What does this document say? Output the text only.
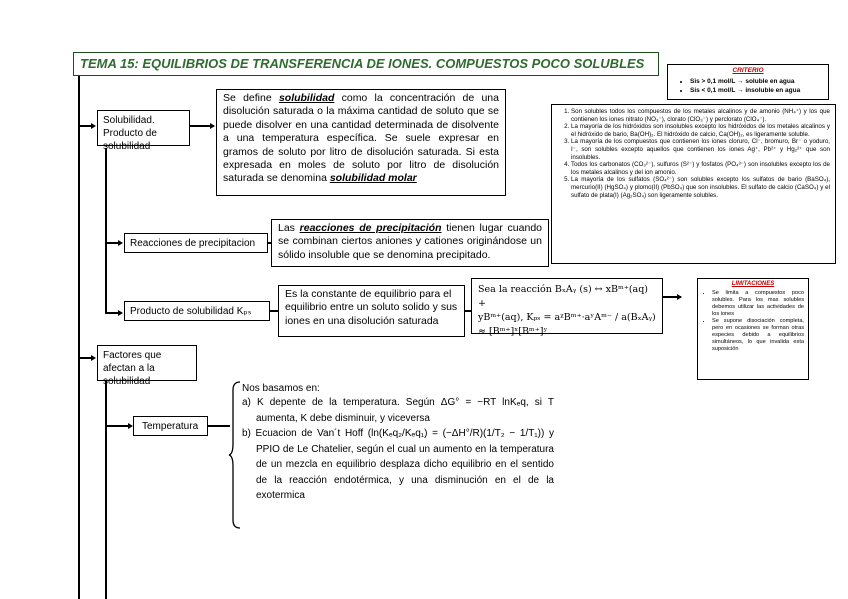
TEMA 15: EQUILIBRIOS DE TRANSFERENCIA DE IONES. COMPUESTOS POCO SOLUBLES	CRITERIO
• Sis > 0,1 mol/L → soluble en agua
• Sis < 0,1 mol/L → insoluble en agua
Solubilidad. Producto de solubilidad
Se define solubilidad como la concentración de una disolución saturada o la máxima cantidad de soluto que se puede disolver en una cantidad determinada de disolvente a una temperatura específica. Se suele expresar en gramos de soluto por litro de disolución saturada. Si esta expresada en moles de soluto por litro de disolución saturada se denomina solubilidad molar
1. Son solubles todos los compuestos de los metales alcalinos y de amonio (NH₄⁺) y los que contienen los iones nitrato (NO₃⁻), clorato (ClO₃⁻) y perclorato (ClO₄⁻).
2. La mayoría de los hidróxidos son insolubles excepto los hidróxidos de los metales alcalinos y el hidróxido de bario, Ba(OH)₂. El hidróxido de calcio, Ca(OH)₂, es ligeramente soluble.
3. La mayoría de los compuestos que contienen los iones cloruro, Cl⁻, bromuro, Br⁻ o yoduro, I⁻, son solubles excepto aquellos que contienen los iones Ag⁺, Pb²⁺ y Hg₂²⁺ que son insolubles.
4. Todos los carbonatos (CO₃²⁻), sulfuros (S²⁻) y fosfatos (PO₄³⁻) son insolubles excepto los de los metales alcalinos y del ion amonio.
5. La mayoría de los sulfatos (SO₄²⁻) son solubles excepto los sulfatos de bario (BaSO₄), mercurio(II) (HgSO₄) y plomo(II) (PbSO₄) que son insolubles. El sulfato de calcio (CaSO₄) y el sulfato de plata(I) (Ag₂SO₄) son ligeramente solubles.
Reacciones de precipitacion
Las reacciones de precipitación tienen lugar cuando se combinan ciertos aniones y cationes originándose un sólido insoluble que se denomina precipitado.
Producto de solubilidad Kₚₛ
Es la constante de equilibrio para el equilibrio entre un soluto solido y sus iones en una disolución saturada
Sea la reacción BₓAᵧ (s) ↔ xBᵐ⁺(aq) +
yBᵐ⁺(aq), Kₚₛ = aᵡBᵐ⁺·aʸAᵐ⁻ / a(BₓAᵧ) ≈ [Bᵐ⁺]ˣ[Bᵐ⁺]ʸ
LIMITACIONES
• Se limita a compuestos poco solubles. Para los mas solubles debemos utilizar las actividades de los iones
• Se supone disociación completa, pero en ocasiones se forman otras especies debido a equilibrios simultáneos, lo que invalida esta suposición
Factores que afectan a la solubilidad
Temperatura
Nos basamos en:
a) K depente de la temperatura. Según ΔG° = −RT lnKₑq, si T aumenta, K debe disminuir, y viceversa
b) Ecuacion de Van´t Hoff (ln(Kₑq₂/Kₑq₁) = (−ΔH°/R)(1/T₂ − 1/T₁)) y PPIO de Le Chatelier, según el cual un aumento en la temperatura de un mezcla en equilibrio desplaza dicho equilibrio en el sentido de la reacción endotérmica, y una disminución en el de la exotermica
